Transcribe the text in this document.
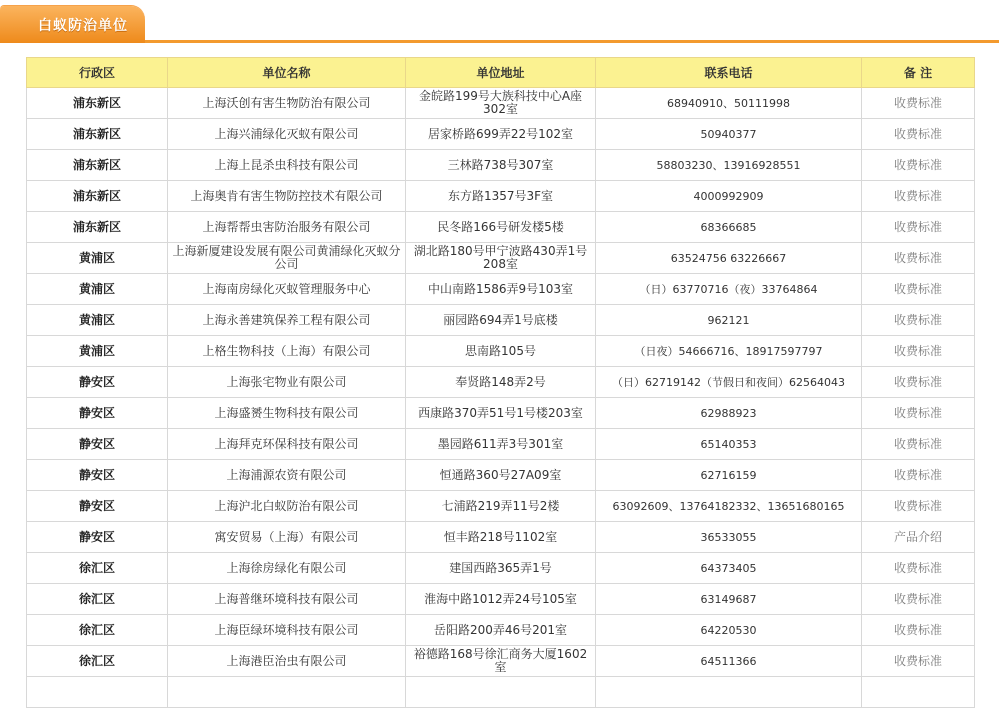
白蚁防治单位
行政区	单位名称	单位地址	联系电话	备 注
浦东新区	上海沃创有害生物防治有限公司	金皖路199号大族科技中心A座302室	68940910、50111998	收费标准
浦东新区	上海兴浦绿化灭蚁有限公司	居家桥路699弄22号102室	50940377	收费标准
浦东新区	上海上昆杀虫科技有限公司	三林路738号307室	58803230、13916928551	收费标准
浦东新区	上海奥肯有害生物防控技术有限公司	东方路1357号3F室	4000992909	收费标准
浦东新区	上海帮帮虫害防治服务有限公司	民冬路166号研发楼5楼	68366685	收费标准
黄浦区	上海新厦建设发展有限公司黄浦绿化灭蚁分公司	湖北路180号甲宁波路430弄1号208室	63524756 63226667	收费标准
黄浦区	上海南房绿化灭蚁管理服务中心	中山南路1586弄9号103室	（日）63770716（夜）33764864	收费标准
黄浦区	上海永善建筑保养工程有限公司	丽园路694弄1号底楼	962121	收费标准
黄浦区	上格生物科技（上海）有限公司	思南路105号	（日夜）54666716、18917597797	收费标准
静安区	上海张宅物业有限公司	奉贤路148弄2号	（日）62719142（节假日和夜间）62564043	收费标准
静安区	上海盛赟生物科技有限公司	西康路370弄51号1号楼203室	62988923	收费标准
静安区	上海拜克环保科技有限公司	墨园路611弄3号301室	65140353	收费标准
静安区	上海浦源农资有限公司	恒通路360号27A09室	62716159	收费标准
静安区	上海沪北白蚁防治有限公司	七浦路219弄11号2楼	63092609、13764182332、13651680165	收费标准
静安区	寓安贸易（上海）有限公司	恒丰路218号1102室	36533055	产品介绍
徐汇区	上海徐房绿化有限公司	建国西路365弄1号	64373405	收费标准
徐汇区	上海普继环境科技有限公司	淮海中路1012弄24号105室	63149687	收费标准
徐汇区	上海臣绿环境科技有限公司	岳阳路200弄46号201室	64220530	收费标准
徐汇区	上海港臣治虫有限公司	裕德路168号徐汇商务大厦1602室	64511366	收费标准
